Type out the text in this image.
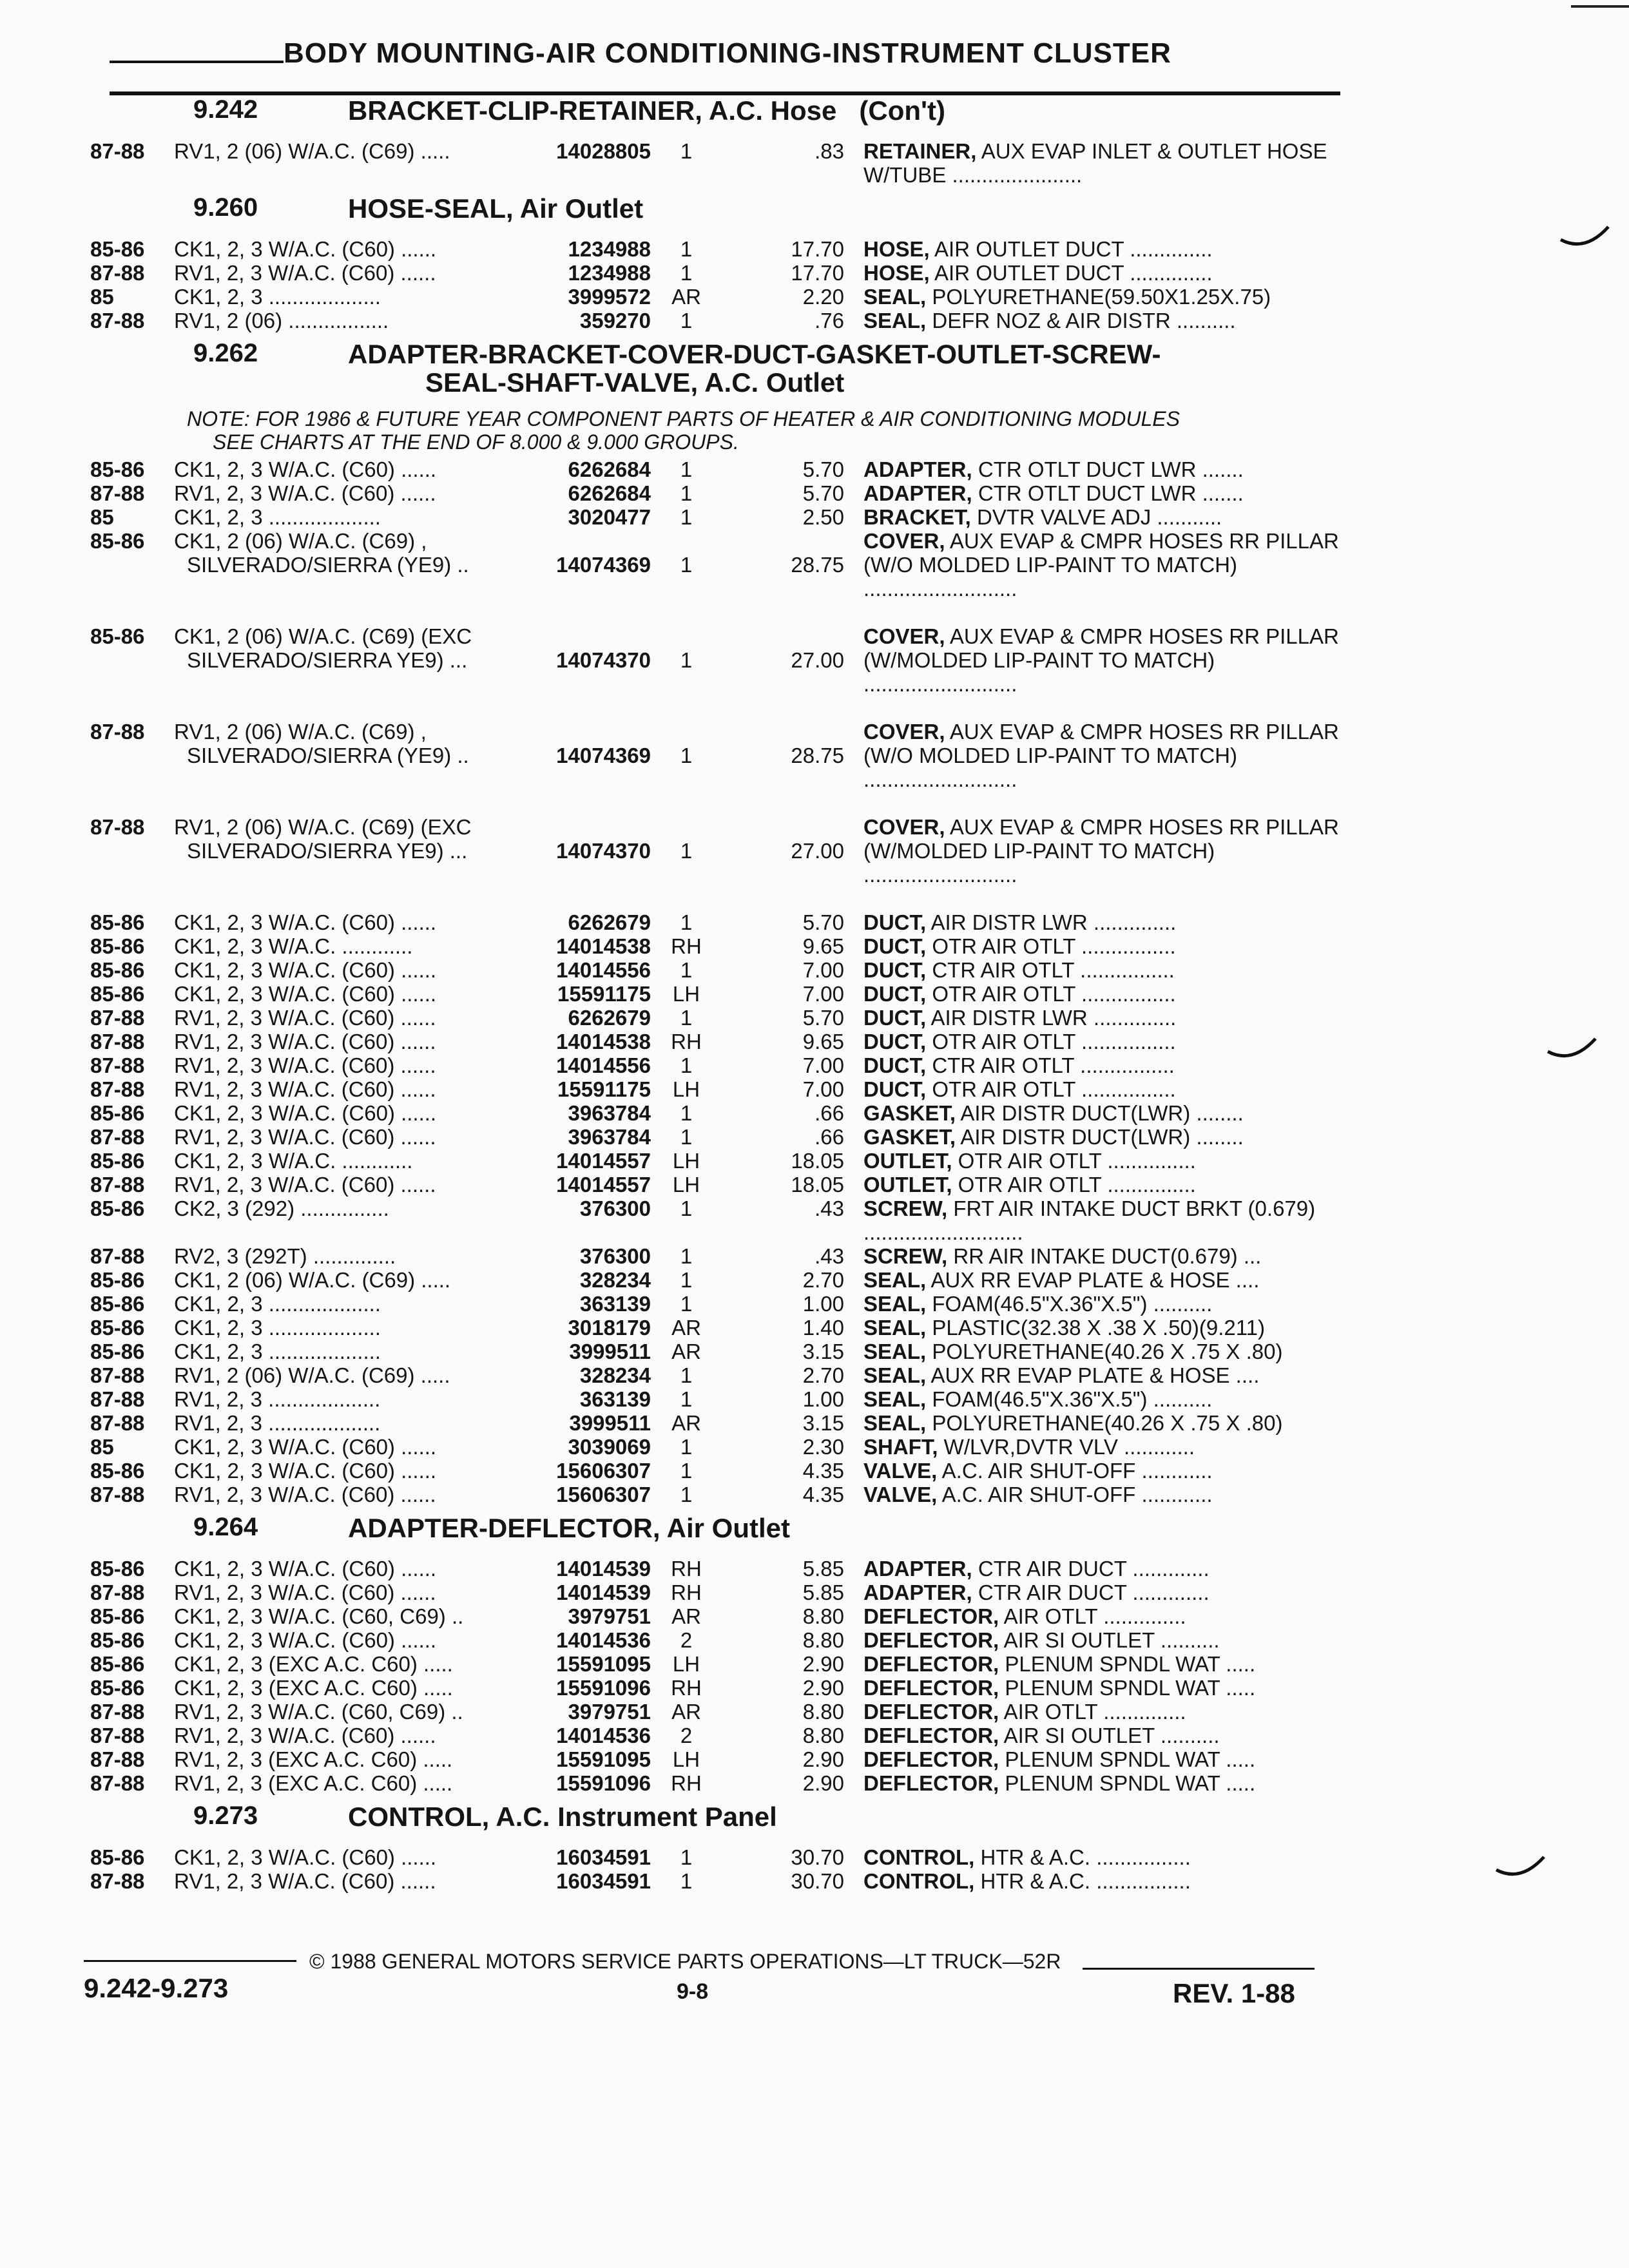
BODY MOUNTING-AIR CONDITIONING-INSTRUMENT CLUSTER
9.242	BRACKET-CLIP-RETAINER, A.C. Hose (Con't)
87-88	RV1, 2 (06) W/A.C. (C69) .....	14028805	1	.83 RETAINER, AUX EVAP INLET & OUTLET HOSE W/TUBE ......................
9.260	HOSE-SEAL, Air Outlet
85-86	CK1, 2, 3 W/A.C. (C60) ......	1234988	1	17.70 HOSE, AIR OUTLET DUCT ..............
87-88	RV1, 2, 3 W/A.C. (C60) ......	1234988	1	17.70 HOSE, AIR OUTLET DUCT ..............
85	CK1, 2, 3 ...................	3999572 AR	2.20 SEAL, POLYURETHANE(59.50X1.25X.75)
87-88	RV1, 2 (06) .................	359270	1	.76 SEAL, DEFR NOZ & AIR DISTR ..........
9.262	ADAPTER-BRACKET-COVER-DUCT-GASKET-OUTLET-SCREW-
SEAL-SHAFT-VALVE, A.C. Outlet
NOTE: FOR 1986 & FUTURE YEAR COMPONENT PARTS OF HEATER & AIR CONDITIONING MODULES
SEE CHARTS AT THE END OF 8.000 & 9.000 GROUPS.
85-86	CK1, 2, 3 W/A.C. (C60) ......	6262684	1	5.70 ADAPTER, CTR OTLT DUCT LWR .......
87-88	RV1, 2, 3 W/A.C. (C60) ......	6262684	1	5.70 ADAPTER, CTR OTLT DUCT LWR .......
85	CK1, 2, 3 ...................	3020477	1	2.50 BRACKET, DVTR VALVE ADJ ...........
85-86	CK1, 2 (06) W/A.C. (C69) ,
SILVERADO/SIERRA (YE9) ..	14074369	1	28.75
COVER, AUX EVAP & CMPR HOSES RR PILLAR (W/O MOLDED LIP-PAINT TO MATCH) ..........................
85-86	CK1, 2 (06) W/A.C. (C69) (EXC
SILVERADO/SIERRA YE9) ...	14074370	1	27.00
COVER, AUX EVAP & CMPR HOSES RR PILLAR (W/MOLDED LIP-PAINT TO MATCH) ..........................
87-88	RV1, 2 (06) W/A.C. (C69) ,
SILVERADO/SIERRA (YE9) ..	14074369	1	28.75
COVER, AUX EVAP & CMPR HOSES RR PILLAR (W/O MOLDED LIP-PAINT TO MATCH) ..........................
87-88	RV1, 2 (06) W/A.C. (C69) (EXC
SILVERADO/SIERRA YE9) ...	14074370	1	27.00
COVER, AUX EVAP & CMPR HOSES RR PILLAR (W/MOLDED LIP-PAINT TO MATCH) ..........................
85-86	CK1, 2, 3 W/A.C. (C60) ......	6262679	1	5.70 DUCT, AIR DISTR LWR ..............
85-86	CK1, 2, 3 W/A.C. ............	14014538 RH	9.65 DUCT, OTR AIR OTLT ................
85-86	CK1, 2, 3 W/A.C. (C60) ......	14014556	1	7.00 DUCT, CTR AIR OTLT ................
85-86	CK1, 2, 3 W/A.C. (C60) ......	15591175	LH	7.00 DUCT, OTR AIR OTLT ................
87-88	RV1, 2, 3 W/A.C. (C60) ......	6262679	1	5.70 DUCT, AIR DISTR LWR ..............
87-88	RV1, 2, 3 W/A.C. (C60) ......	14014538 RH	9.65 DUCT, OTR AIR OTLT ................
87-88	RV1, 2, 3 W/A.C. (C60) ......	14014556	1	7.00 DUCT, CTR AIR OTLT ................
87-88	RV1, 2, 3 W/A.C. (C60) ......	15591175	LH	7.00 DUCT, OTR AIR OTLT ................
85-86	CK1, 2, 3 W/A.C. (C60) ......	3963784	1	.66 GASKET, AIR DISTR DUCT(LWR) ........
87-88	RV1, 2, 3 W/A.C. (C60) ......	3963784	1	.66 GASKET, AIR DISTR DUCT(LWR) ........
85-86	CK1, 2, 3 W/A.C. ............	14014557	LH	18.05 OUTLET, OTR AIR OTLT ...............
87-88	RV1, 2, 3 W/A.C. (C60) ......	14014557	LH	18.05 OUTLET, OTR AIR OTLT ...............
85-86	CK2, 3 (292) ...............	376300	1	.43 SCREW, FRT AIR INTAKE DUCT BRKT (0.679) ...........................
87-88	RV2, 3 (292T) ..............	376300	1	.43 SCREW, RR AIR INTAKE DUCT(0.679) ...
85-86	CK1, 2 (06) W/A.C. (C69) .....	328234	1	2.70 SEAL, AUX RR EVAP PLATE & HOSE ....
85-86	CK1, 2, 3 ...................	363139	1	1.00 SEAL, FOAM(46.5"X.36"X.5") ..........
85-86	CK1, 2, 3 ...................	3018179 AR	1.40 SEAL, PLASTIC(32.38 X .38 X .50)(9.211)
85-86	CK1, 2, 3 ...................	3999511 AR	3.15 SEAL, POLYURETHANE(40.26 X .75 X .80)
87-88	RV1, 2 (06) W/A.C. (C69) .....	328234	1	2.70 SEAL, AUX RR EVAP PLATE & HOSE ....
87-88	RV1, 2, 3 ...................	363139	1	1.00 SEAL, FOAM(46.5"X.36"X.5") ..........
87-88	RV1, 2, 3 ...................	3999511 AR	3.15 SEAL, POLYURETHANE(40.26 X .75 X .80)
85	CK1, 2, 3 W/A.C. (C60) ......	3039069	1	2.30 SHAFT, W/LVR,DVTR VLV ............
85-86	CK1, 2, 3 W/A.C. (C60) ......	15606307	1	4.35 VALVE, A.C. AIR SHUT-OFF ............
87-88	RV1, 2, 3 W/A.C. (C60) ......	15606307	1	4.35 VALVE, A.C. AIR SHUT-OFF ............
9.264	ADAPTER-DEFLECTOR, Air Outlet
85-86	CK1, 2, 3 W/A.C. (C60) ......	14014539 RH	5.85 ADAPTER, CTR AIR DUCT .............
87-88	RV1, 2, 3 W/A.C. (C60) ......	14014539 RH	5.85 ADAPTER, CTR AIR DUCT .............
85-86	CK1, 2, 3 W/A.C. (C60, C69) ..	3979751 AR	8.80 DEFLECTOR, AIR OTLT ..............
85-86	CK1, 2, 3 W/A.C. (C60) ......	14014536	2	8.80 DEFLECTOR, AIR SI OUTLET ..........
85-86	CK1, 2, 3 (EXC A.C. C60) .....	15591095	LH	2.90 DEFLECTOR, PLENUM SPNDL WAT .....
85-86	CK1, 2, 3 (EXC A.C. C60) .....	15591096 RH	2.90 DEFLECTOR, PLENUM SPNDL WAT .....
87-88	RV1, 2, 3 W/A.C. (C60, C69) ..	3979751 AR	8.80 DEFLECTOR, AIR OTLT ..............
87-88	RV1, 2, 3 W/A.C. (C60) ......	14014536	2	8.80 DEFLECTOR, AIR SI OUTLET ..........
87-88	RV1, 2, 3 (EXC A.C. C60) .....	15591095	LH	2.90 DEFLECTOR, PLENUM SPNDL WAT .....
87-88	RV1, 2, 3 (EXC A.C. C60) .....	15591096 RH	2.90 DEFLECTOR, PLENUM SPNDL WAT .....
9.273	CONTROL, A.C. Instrument Panel
85-86	CK1, 2, 3 W/A.C. (C60) ......	16034591	1	30.70 CONTROL, HTR & A.C. ................
87-88	RV1, 2, 3 W/A.C. (C60) ......	16034591	1	30.70 CONTROL, HTR & A.C. ................
© 1988 GENERAL MOTORS SERVICE PARTS OPERATIONS—LT TRUCK—52R
9.242-9.273	9-8	REV. 1-88
